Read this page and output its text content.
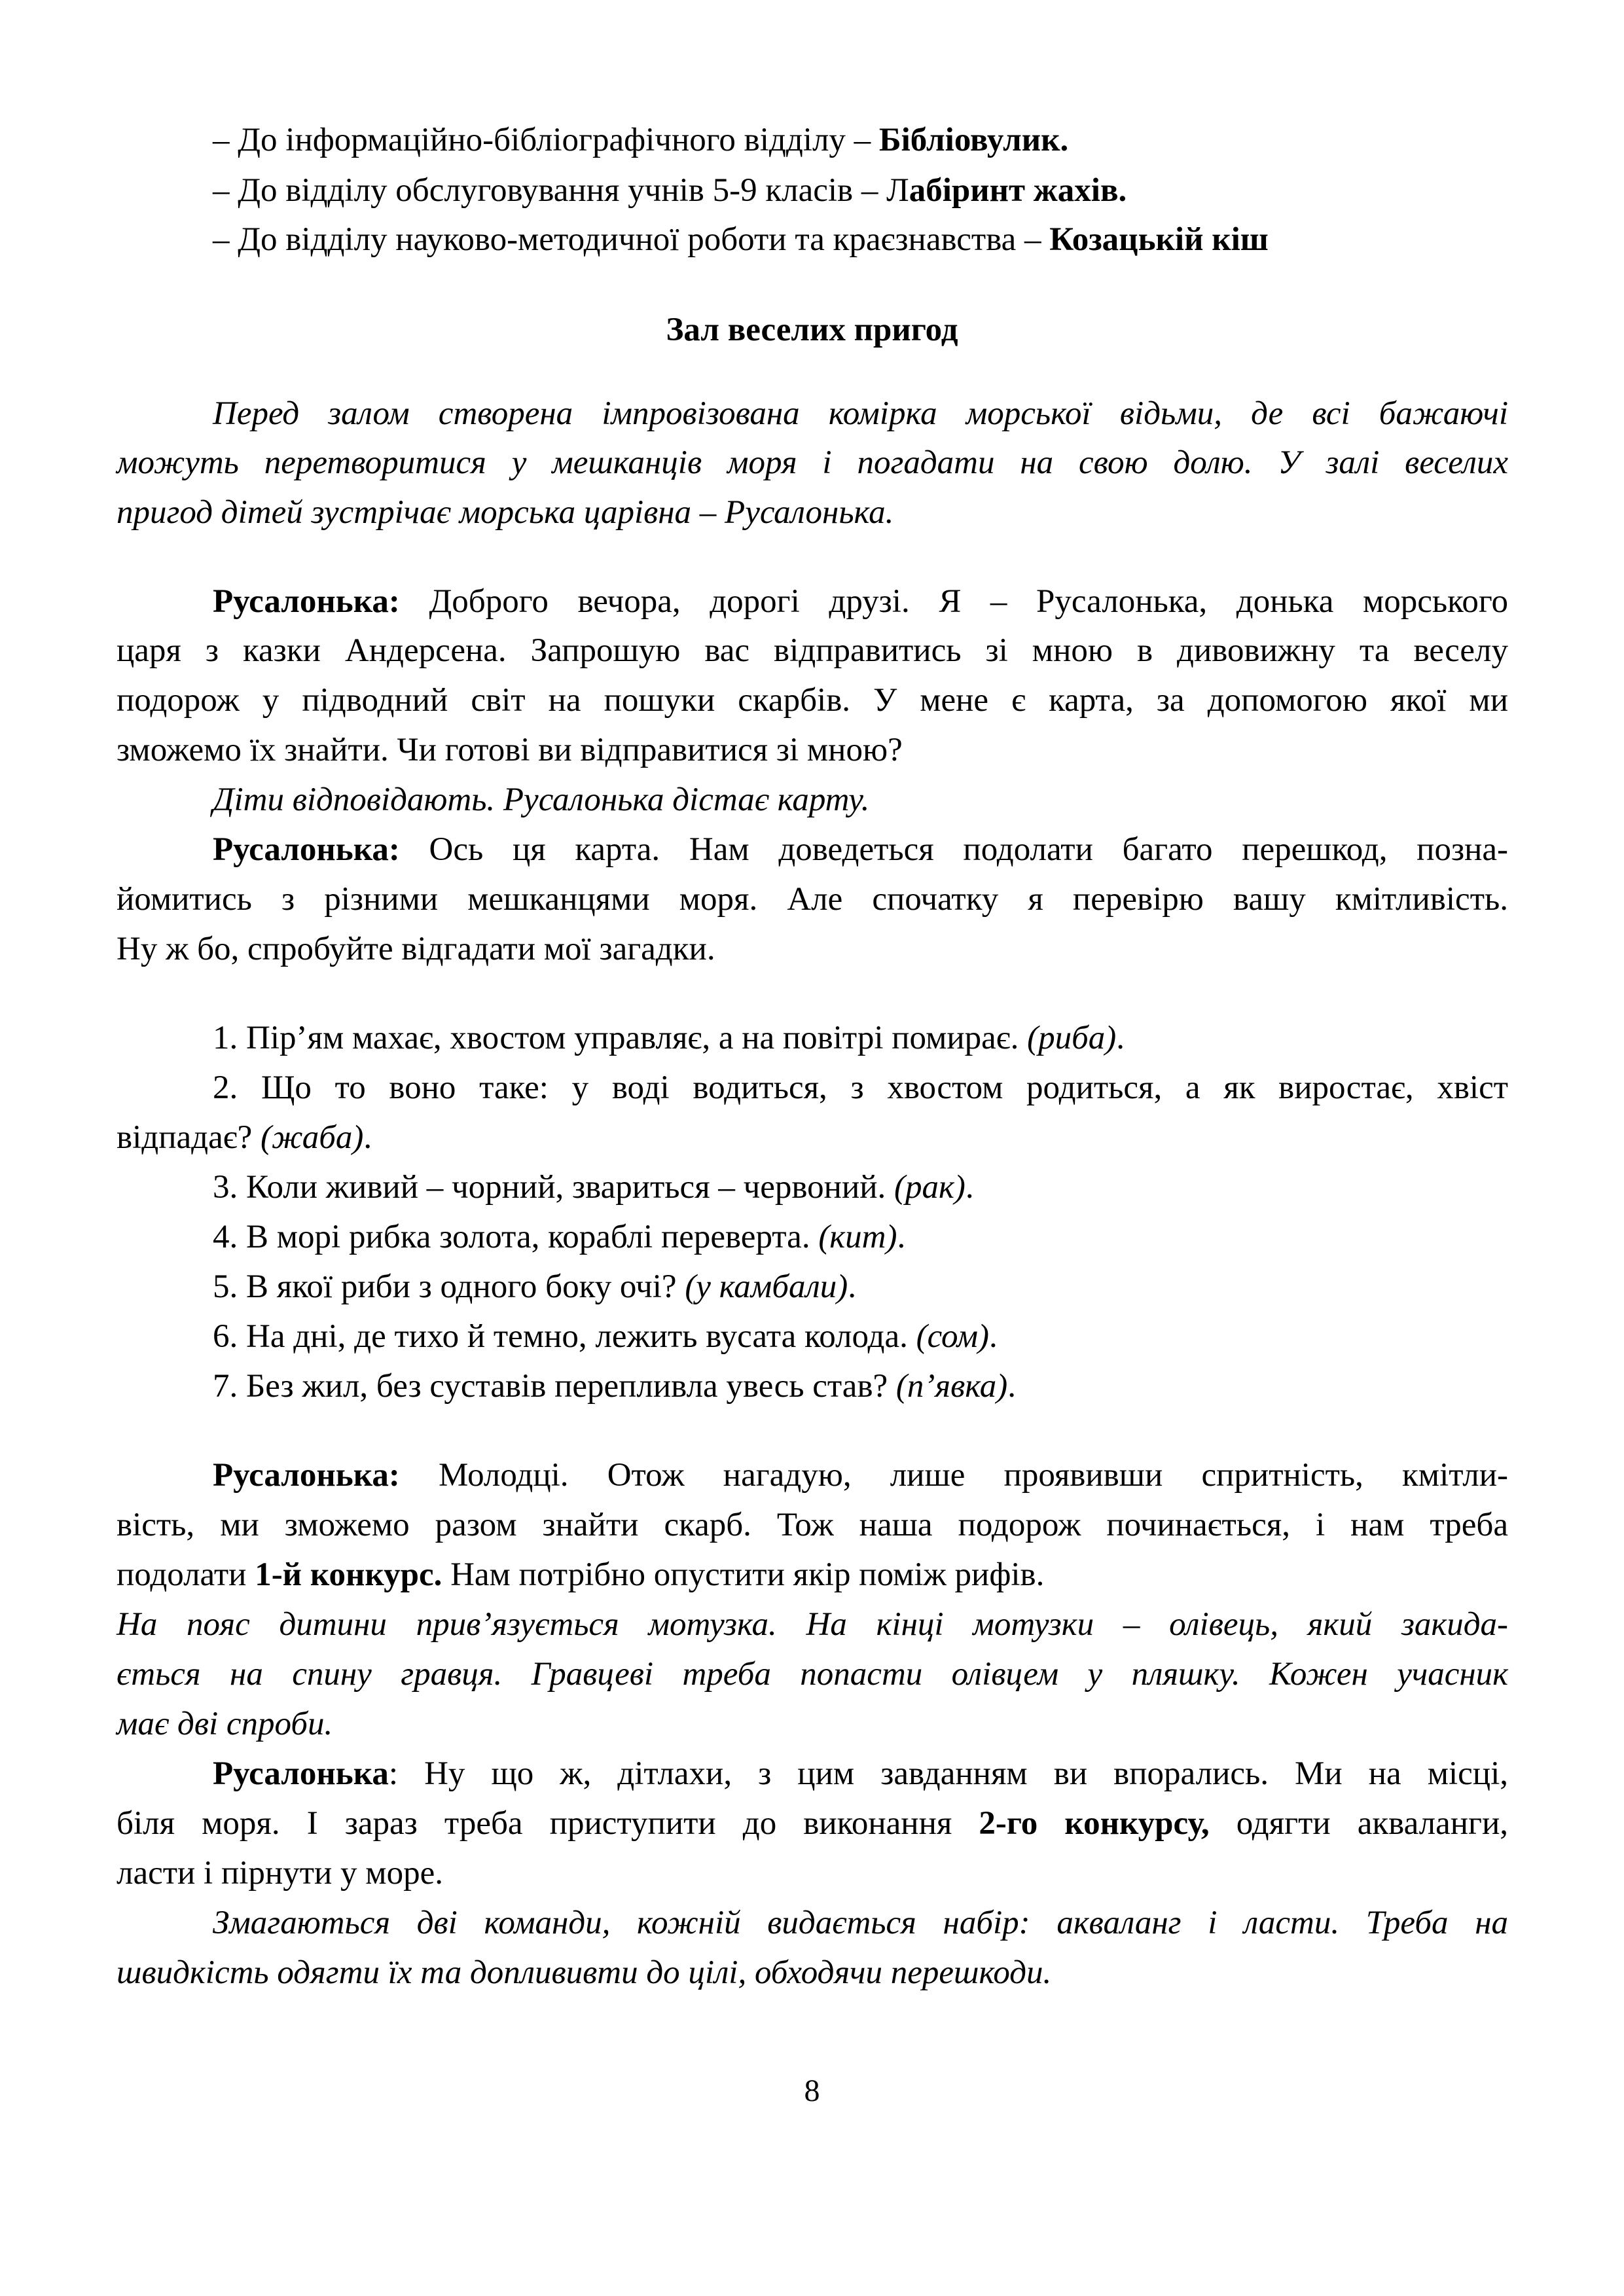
– До інформаційно-бібліографічного відділу – Бібліовулик.
– До відділу обслуговування учнів 5-9 класів – Лабіринт жахів.
– До відділу науково-методичної роботи та краєзнавства – Козацькій кіш
Зал веселих пригод
Перед залом створена імпровізована комірка морської відьми, де всі бажаючі
можуть перетворитися у мешканців моря і погадати на свою долю. У залі веселих
пригод дітей зустрічає морська царівна – Русалонька.
Русалонька: Доброго вечора, дорогі друзі. Я – Русалонька, донька морського
царя з казки Андерсена. Запрошую вас відправитись зі мною в дивовижну та веселу
подорож у підводний світ на пошуки скарбів. У мене є карта, за допомогою якої ми
зможемо їх знайти. Чи готові ви відправитися зі мною?
Діти відповідають. Русалонька дістає карту.
Русалонька: Ось ця карта. Нам доведеться подолати багато перешкод, позна-
йомитись з різними мешканцями моря. Але спочатку я перевірю вашу кмітливість.
Ну ж бо, спробуйте відгадати мої загадки.
1. Пір’ям махає, хвостом управляє, а на повітрі помирає. (риба).
2. Що то воно таке: у воді водиться, з хвостом родиться, а як виростає, хвіст
відпадає? (жаба).
3. Коли живий – чорний, звариться – червоний. (рак).
4. В морі рибка золота, кораблі переверта. (кит).
5. В якої риби з одного боку очі? (у камбали).
6. На дні, де тихо й темно, лежить вусата колода. (сом).
7. Без жил, без суставів перепливла увесь став? (п’явка).
Русалонька: Молодці. Отож нагадую, лише проявивши спритність, кмітли-
вість, ми зможемо разом знайти скарб. Тож наша подорож починається, і нам треба
подолати 1-й конкурс. Нам потрібно опустити якір поміж рифів.
На пояс дитини прив’язується мотузка. На кінці мотузки – олівець, який закида-
ється на спину гравця. Гравцеві треба попасти олівцем у пляшку. Кожен учасник
має дві спроби.
Русалонька: Ну що ж, дітлахи, з цим завданням ви впорались. Ми на місці,
біля моря. І зараз треба приступити до виконання 2-го конкурсу, одягти акваланги,
ласти і пірнути у море.
Змагаються дві команди, кожній видається набір: акваланг і ласти. Треба на
швидкість одягти їх та доплививти до цілі, обходячи перешкоди.
8
